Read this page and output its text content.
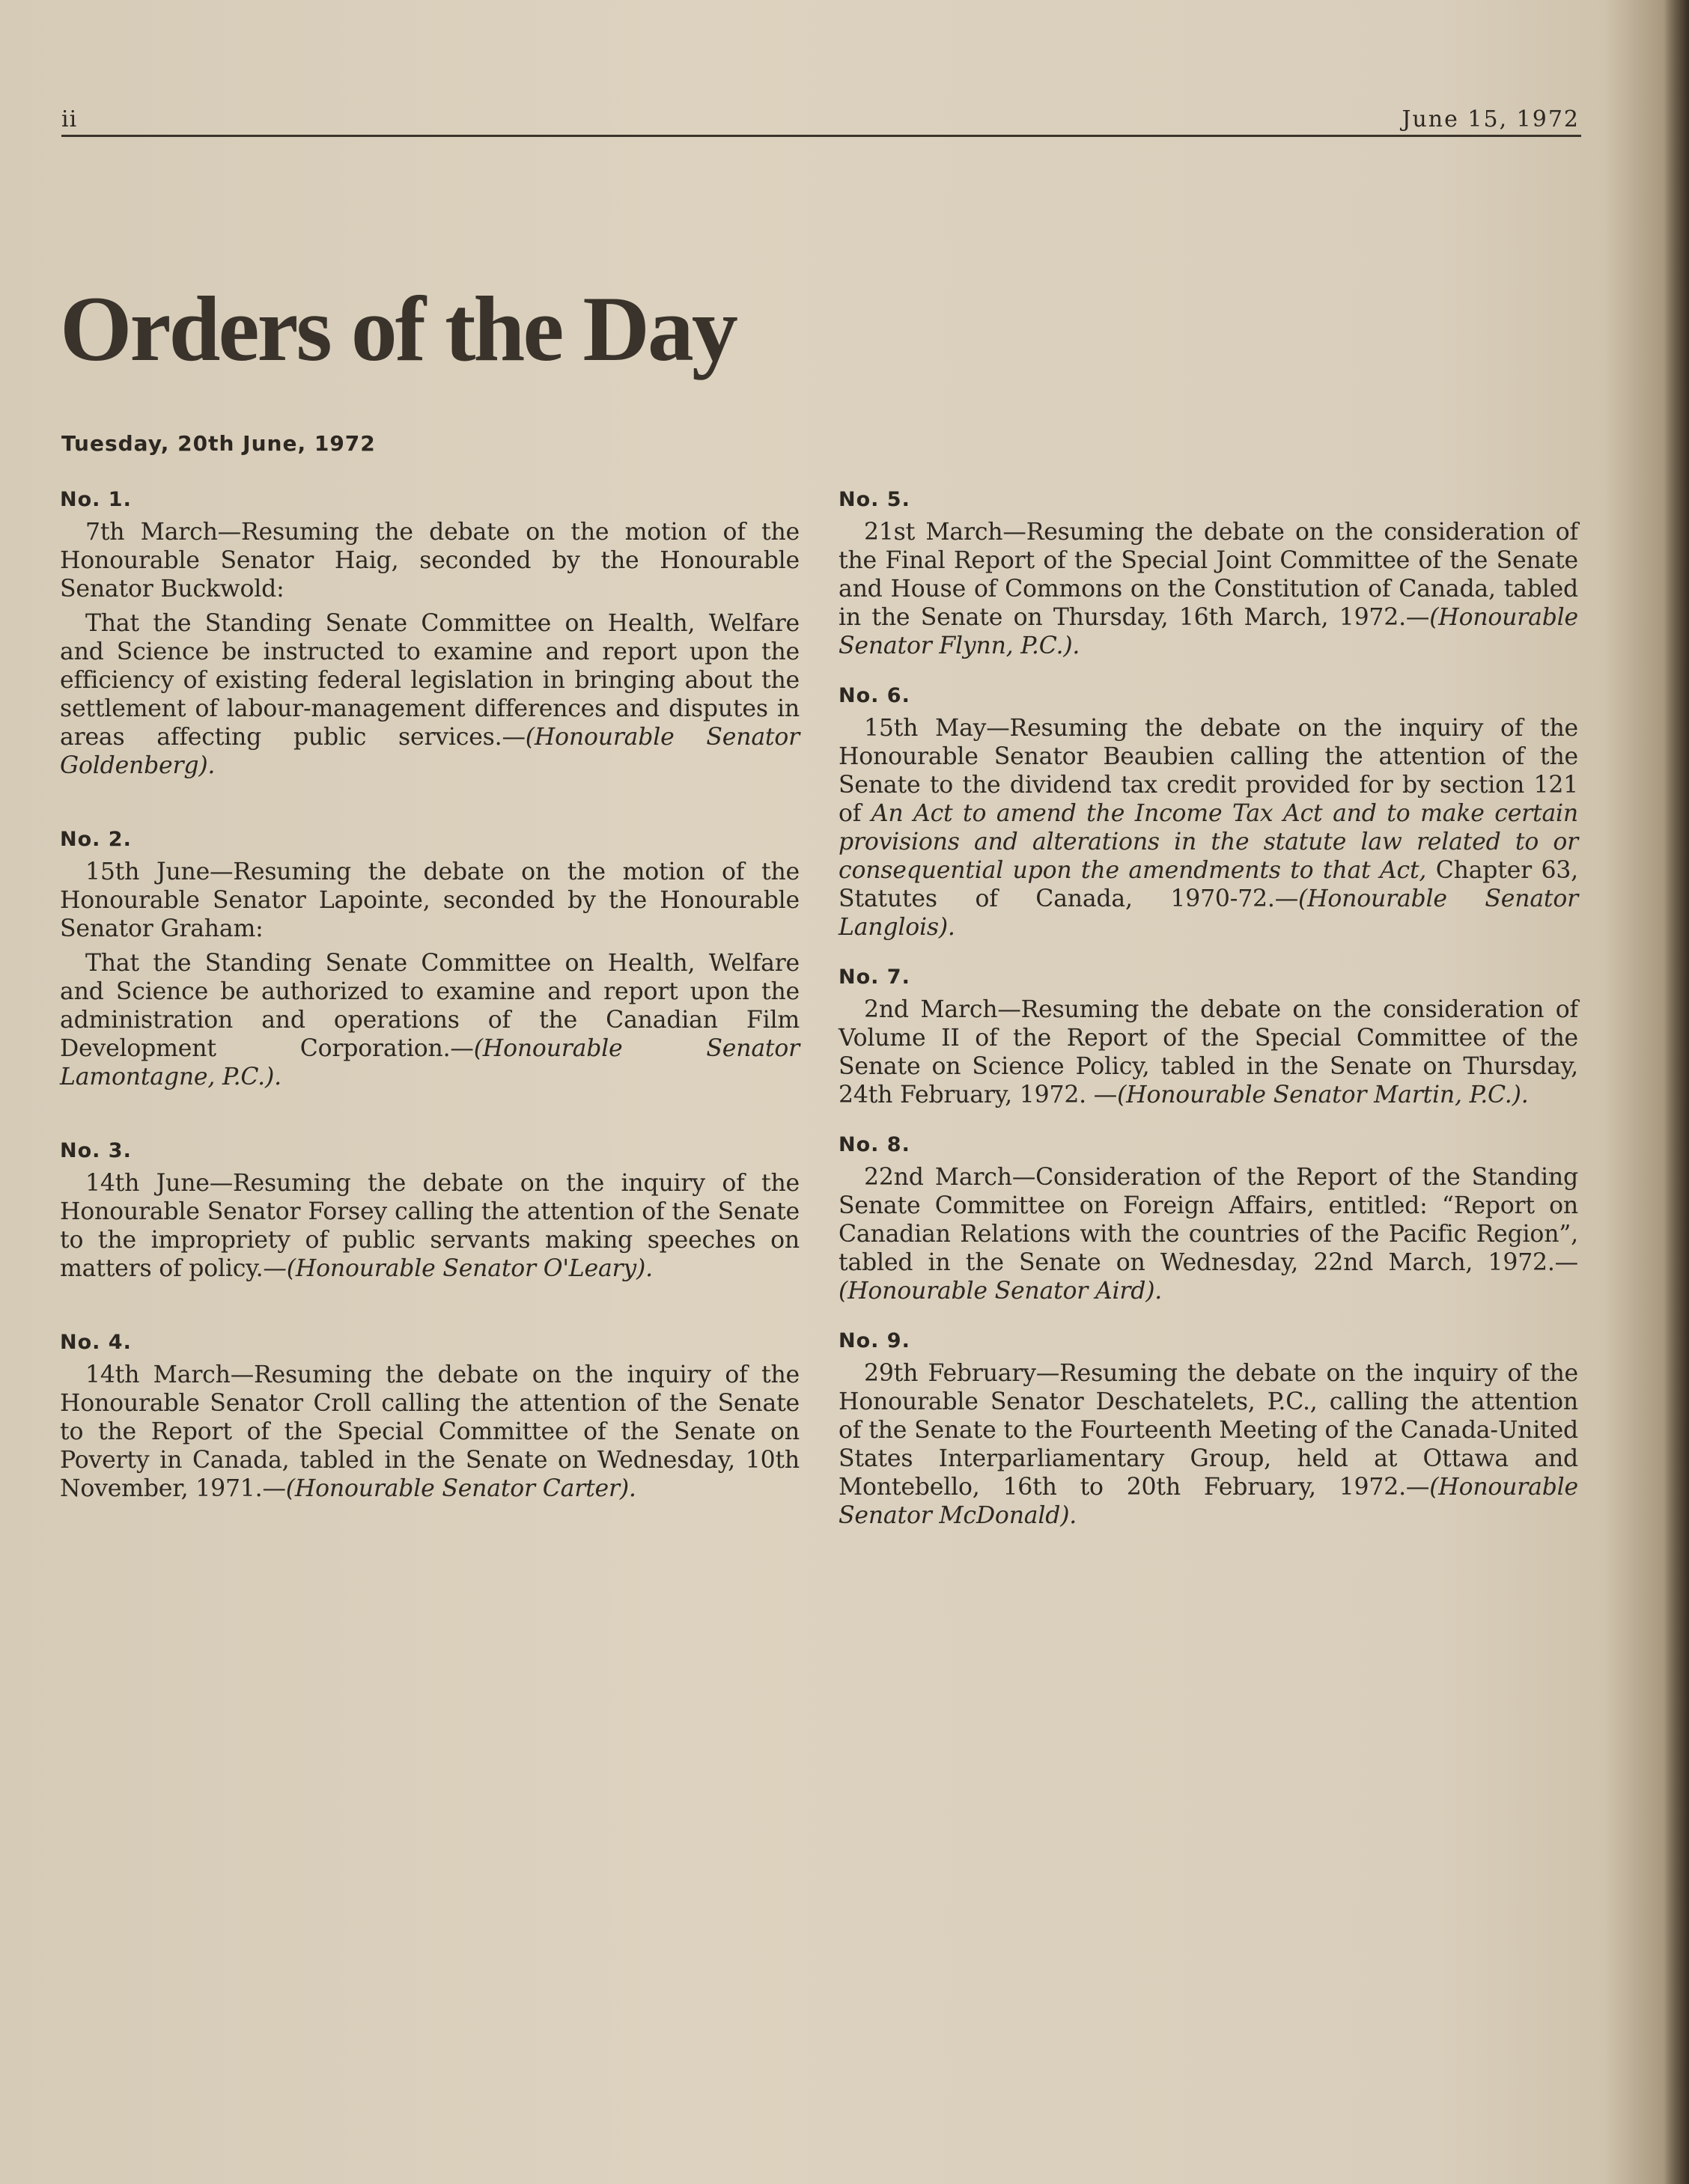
ii	June 15, 1972
Orders of the Day
Tuesday, 20th June, 1972
No. 1.

7th March—Resuming the debate on the motion of the Honourable Senator Haig, seconded by the Honourable Senator Buckwold:

That the Standing Senate Committee on Health, Welfare and Science be instructed to examine and report upon the efficiency of existing federal legislation in bringing about the settlement of labour-management differences and disputes in areas affecting public services.—(Honourable Senator Goldenberg).

No. 2.

15th June—Resuming the debate on the motion of the Honourable Senator Lapointe, seconded by the Honourable Senator Graham:

That the Standing Senate Committee on Health, Welfare and Science be authorized to examine and report upon the administration and operations of the Canadian Film Development Corporation.—(Honourable Senator Lamontagne, P.C.).

No. 3.

14th June—Resuming the debate on the inquiry of the Honourable Senator Forsey calling the attention of the Senate to the impropriety of public servants making speeches on matters of policy.—(Honourable Senator O'Leary).

No. 4.

14th March—Resuming the debate on the inquiry of the Honourable Senator Croll calling the attention of the Senate to the Report of the Special Committee of the Senate on Poverty in Canada, tabled in the Senate on Wednesday, 10th November, 1971.—(Honourable Senator Carter).

No. 5.

21st March—Resuming the debate on the consideration of the Final Report of the Special Joint Committee of the Senate and House of Commons on the Constitution of Canada, tabled in the Senate on Thursday, 16th March, 1972.—(Honourable Senator Flynn, P.C.).

No. 6.

15th May—Resuming the debate on the inquiry of the Honourable Senator Beaubien calling the attention of the Senate to the dividend tax credit provided for by section 121 of An Act to amend the Income Tax Act and to make certain provisions and alterations in the statute law related to or consequential upon the amendments to that Act, Chapter 63, Statutes of Canada, 1970-72.—(Honourable Senator Langlois).

No. 7.

2nd March—Resuming the debate on the consideration of Volume II of the Report of the Special Committee of the Senate on Science Policy, tabled in the Senate on Thursday, 24th February, 1972. —(Honourable Senator Martin, P.C.).

No. 8.

22nd March—Consideration of the Report of the Standing Senate Committee on Foreign Affairs, entitled: “Report on Canadian Relations with the countries of the Pacific Region”, tabled in the Senate on Wednesday, 22nd March, 1972.—(Honourable Senator Aird).

No. 9.

29th February—Resuming the debate on the inquiry of the Honourable Senator Deschatelets, P.C., calling the attention of the Senate to the Fourteenth Meeting of the Canada-United States Interparliamentary Group, held at Ottawa and Montebello, 16th to 20th February, 1972.—(Honourable Senator McDonald).
